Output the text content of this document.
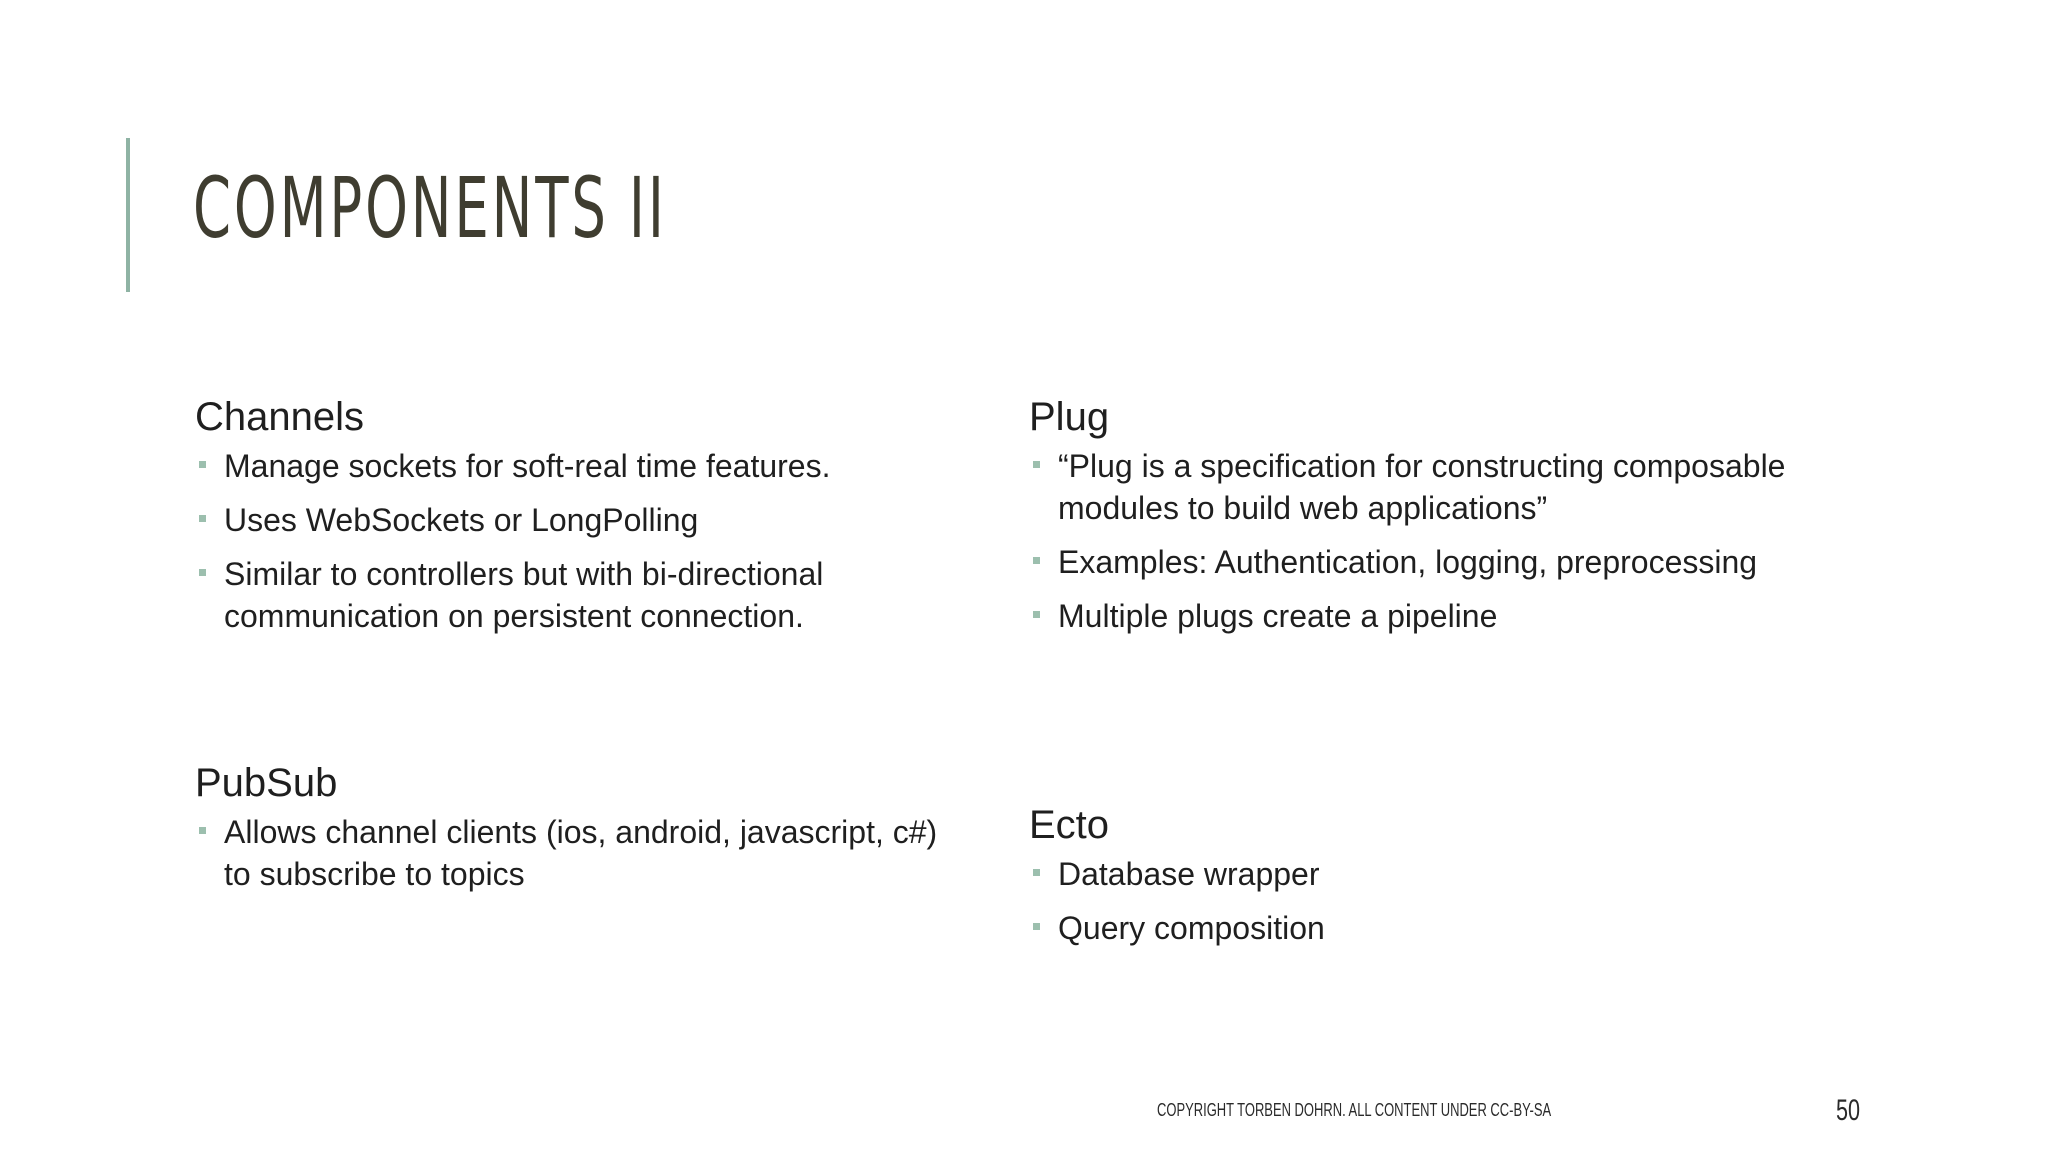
COMPONENTS II
Channels
Manage sockets for soft-real time features.
Uses WebSockets or LongPolling
Similar to controllers but with bi-directional communication on persistent connection.
PubSub
Allows channel clients (ios, android, javascript, c#) to subscribe to topics
Plug
“Plug is a specification for constructing composable modules to build web applications”
Examples: Authentication, logging, preprocessing
Multiple plugs create a pipeline
Ecto
Database wrapper
Query composition
COPYRIGHT TORBEN DOHRN. ALL CONTENT UNDER CC-BY-SA	50
